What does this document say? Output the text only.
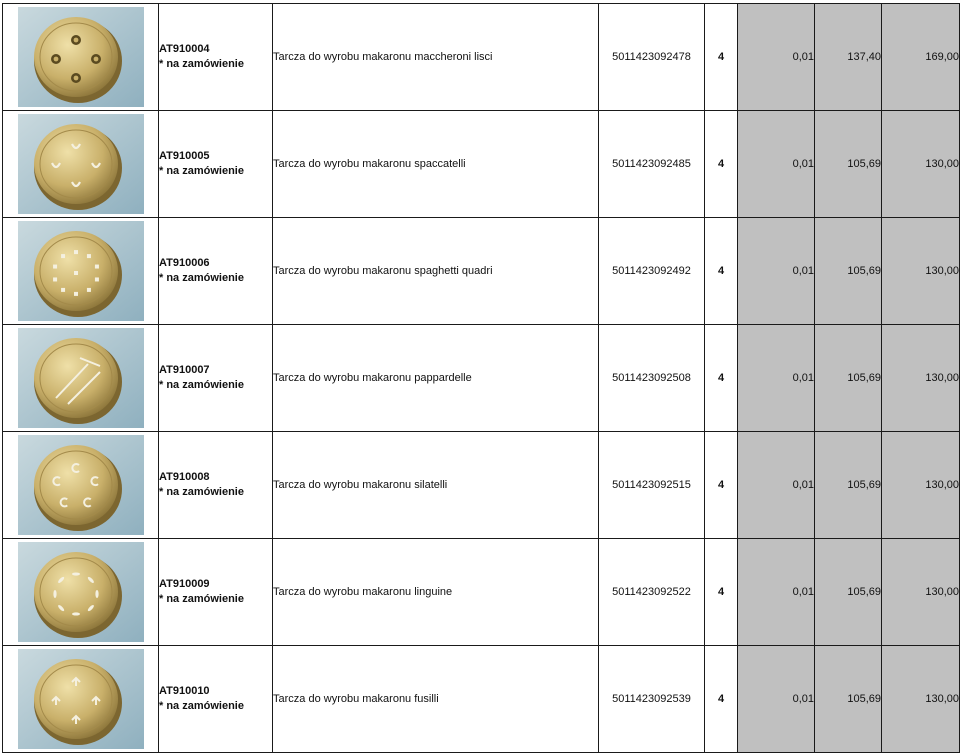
AT910004
* na zamówienie	Tarcza do wyrobu makaronu maccheroni lisci	5011423092478	4	0,01	137,40	169,00

AT910005
* na zamówienie	Tarcza do wyrobu makaronu spaccatelli	5011423092485	4	0,01	105,69	130,00

AT910006
* na zamówienie	Tarcza do wyrobu makaronu spaghetti quadri	5011423092492	4	0,01	105,69	130,00

AT910007
* na zamówienie	Tarcza do wyrobu makaronu pappardelle	5011423092508	4	0,01	105,69	130,00

AT910008
* na zamówienie	Tarcza do wyrobu makaronu silatelli	5011423092515	4	0,01	105,69	130,00

AT910009
* na zamówienie	Tarcza do wyrobu makaronu linguine	5011423092522	4	0,01	105,69	130,00

AT910010
* na zamówienie	Tarcza do wyrobu makaronu fusilli	5011423092539	4	0,01	105,69	130,00
